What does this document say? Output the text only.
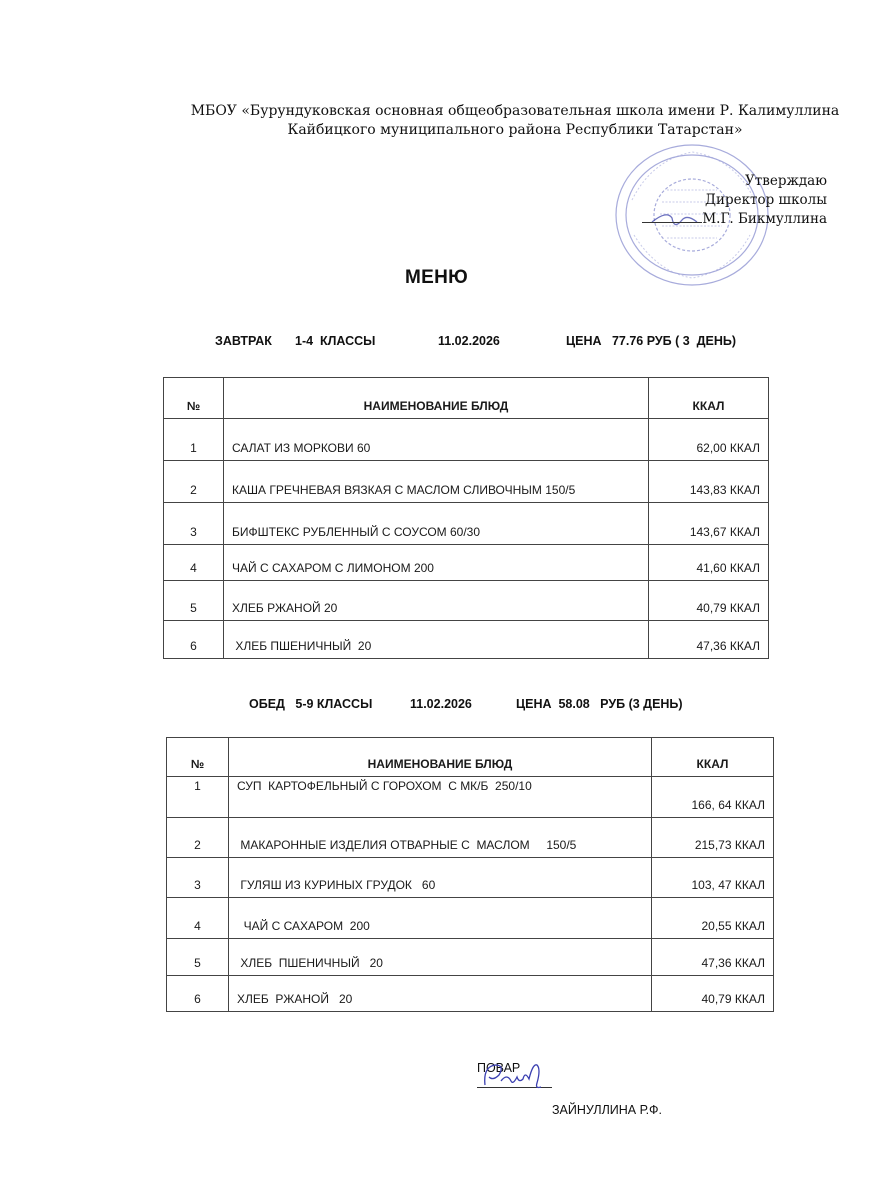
МБОУ «Бурундуковская основная общеобразовательная школа имени Р. Калимуллина
Кайбицкого муниципального района Республики Татарстан»
Утверждаю
Директор школы
М.Г. Бикмуллина
МЕНЮ
ЗАВТРАК 1-4  КЛАССЫ	11.02.2026	ЦЕНА   77.76 РУБ ( 3  ДЕНЬ)
№	НАИМЕНОВАНИЕ БЛЮД	ККАЛ
1	САЛАТ ИЗ МОРКОВИ 60	62,00 ККАЛ
2	КАША ГРЕЧНЕВАЯ ВЯЗКАЯ С МАСЛОМ СЛИВОЧНЫМ 150/5	143,83 ККАЛ
3	БИФШТЕКС РУБЛЕННЫЙ С СОУСОМ 60/30	143,67 ККАЛ
4	ЧАЙ С САХАРОМ С ЛИМОНОМ 200	41,60 ККАЛ
5	ХЛЕБ РЖАНОЙ 20	40,79 ККАЛ
6	ХЛЕБ ПШЕНИЧНЫЙ  20	47,36 ККАЛ
ОБЕД   5-9 КЛАССЫ	11.02.2026	ЦЕНА  58.08   РУБ (3 ДЕНЬ)
№	НАИМЕНОВАНИЕ БЛЮД	ККАЛ
1	СУП  КАРТОФЕЛЬНЫЙ С ГОРОХОМ  С МК/Б  250/10	166, 64 ККАЛ
2	МАКАРОННЫЕ ИЗДЕЛИЯ ОТВАРНЫЕ С  МАСЛОМ     150/5	215,73 ККАЛ
3	ГУЛЯШ ИЗ КУРИНЫХ ГРУДОК   60	103, 47 ККАЛ
4	ЧАЙ С САХАРОМ  200	20,55 ККАЛ
5	ХЛЕБ  ПШЕНИЧНЫЙ   20	47,36 ККАЛ
6	ХЛЕБ  РЖАНОЙ   20	40,79 ККАЛ

ПОВАР

ЗАЙНУЛЛИНА Р.Ф.
